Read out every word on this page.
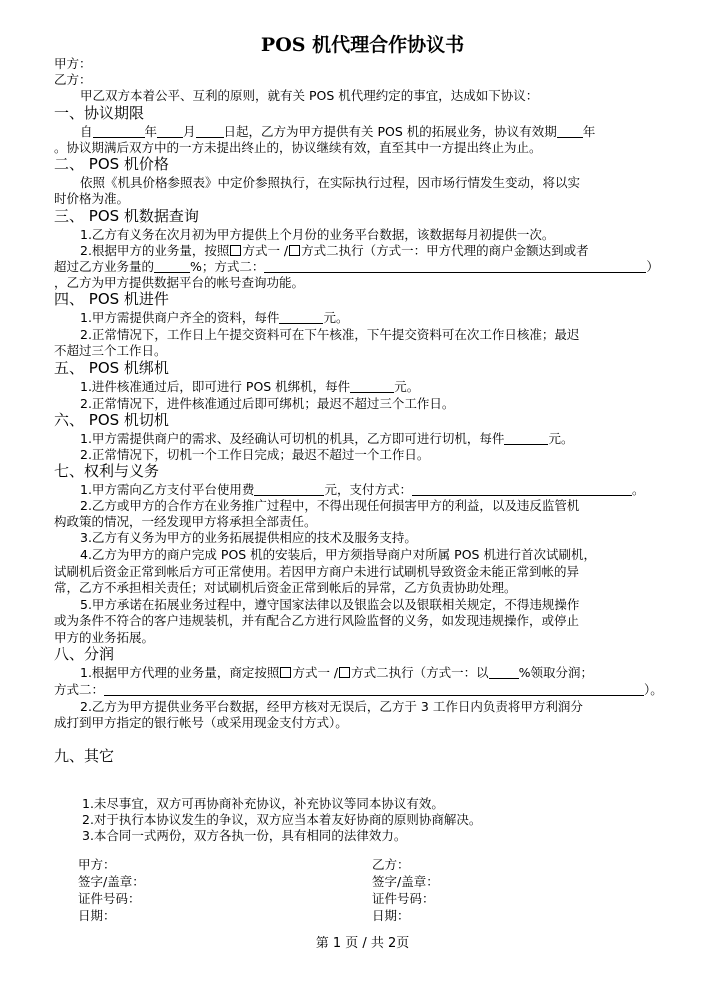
POS 机代理合作协议书
甲方：
乙方：
甲乙双方本着公平、互利的原则，就有关 POS 机代理约定的事宜，达成如下协议：
一、协议期限
自	年 月 日起，乙方为甲方提供有关 POS 机的拓展业务，协议有效期 年
。协议期满后双方中的一方未提出终止的，协议继续有效，直至其中一方提出终止为止。
二、 POS 机价格
依照《机具价格参照表》中定价参照执行，在实际执行过程，因市场行情发生变动，将以实
时价格为准。
三、 POS 机数据查询
1.乙方有义务在次月初为甲方提供上个月份的业务平台数据，该数据每月初提供一次。
2.根据甲方的业务量，按照 方式一 / 方式二执行（方式一：甲方代理的商户金额达到或者
超过乙方业务量的	%；方式二：	）
，乙方为甲方提供数据平台的帐号查询功能。
四、 POS 机进件
1.甲方需提供商户齐全的资料，每件	元。
2.正常情况下，工作日上午提交资料可在下午核准，下午提交资料可在次工作日核准；最迟
不超过三个工作日。
五、 POS 机绑机
1.进件核准通过后，即可进行 POS 机绑机，每件	元。
2.正常情况下，进件核准通过后即可绑机；最迟不超过三个工作日。
六、 POS 机切机
1.甲方需提供商户的需求、及经确认可切机的机具，乙方即可进行切机，每件	元。
2.正常情况下，切机一个工作日完成；最迟不超过一个工作日。
七、权利与义务
1.甲方需向乙方支付平台使用费	元，支付方式：	。
2.乙方或甲方的合作方在业务推广过程中，不得出现任何损害甲方的利益，以及违反监管机
构政策的情况，一经发现甲方将承担全部责任。
3.乙方有义务为甲方的业务拓展提供相应的技术及服务支持。
4.乙方为甲方的商户完成 POS 机的安装后，甲方须指导商户对所属 POS 机进行首次试刷机，
试刷机后资金正常到帐后方可正常使用。若因甲方商户未进行试刷机导致资金未能正常到帐的异
常，乙方不承担相关责任；对试刷机后资金正常到帐后的异常，乙方负责协助处理。
5.甲方承诺在拓展业务过程中，遵守国家法律以及银监会以及银联相关规定，不得违规操作
或为条件不符合的客户违规装机，并有配合乙方进行风险监督的义务，如发现违规操作，或停止
甲方的业务拓展。
八、分润
1.根据甲方代理的业务量，商定按照 方式一 / 方式二执行（方式一：以 %领取分润；
方式二：	）。
2.乙方为甲方提供业务平台数据，经甲方核对无误后，乙方于 3 工作日内负责将甲方利润分
成打到甲方指定的银行帐号（或采用现金支付方式）。
九、其它
1.未尽事宜，双方可再协商补充协议，补充协议等同本协议有效。
2.对于执行本协议发生的争议，双方应当本着友好协商的原则协商解决。
3.本合同一式两份，双方各执一份，具有相同的法律效力。
甲方：
签字/盖章：
证件号码：
日期：
乙方：
签字/盖章：
证件号码：
日期：
第 1 页 / 共 2页
